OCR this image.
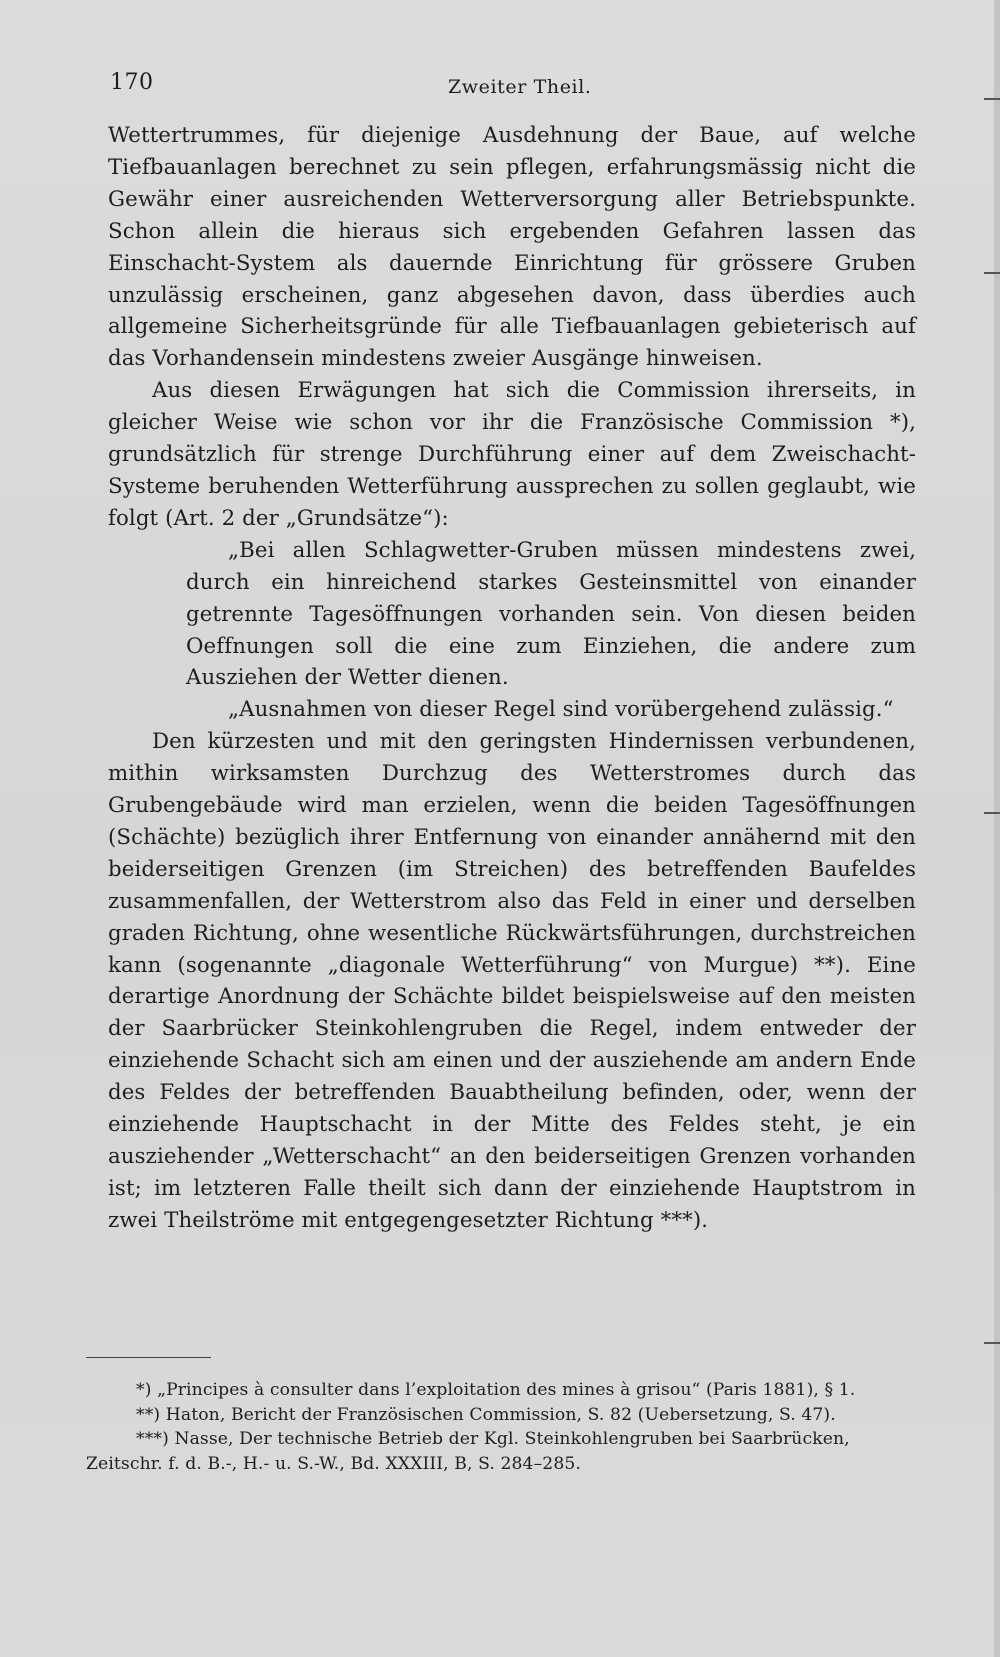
170	Zweiter Theil.

Wettertrummes, für diejenige Ausdehnung der Baue, auf welche Tiefbauanlagen berechnet zu sein pflegen, erfahrungsmässig nicht die Gewähr einer ausreichenden Wetterversorgung aller Betriebspunkte. Schon allein die hieraus sich ergebenden Gefahren lassen das Einschacht-System als dauernde Einrichtung für grössere Gruben unzulässig erscheinen, ganz abgesehen davon, dass überdies auch allgemeine Sicherheitsgründe für alle Tiefbauanlagen gebieterisch auf das Vorhandensein mindestens zweier Ausgänge hinweisen.

Aus diesen Erwägungen hat sich die Commission ihrerseits, in gleicher Weise wie schon vor ihr die Französische Commission *), grundsätzlich für strenge Durchführung einer auf dem Zweischacht-Systeme beruhenden Wetterführung aussprechen zu sollen geglaubt, wie folgt (Art. 2 der „Grundsätze“):

„Bei allen Schlagwetter-Gruben müssen mindestens zwei, durch ein hinreichend starkes Gesteinsmittel von einander getrennte Tagesöffnungen vorhanden sein. Von diesen beiden Oeffnungen soll die eine zum Einziehen, die andere zum Ausziehen der Wetter dienen.

„Ausnahmen von dieser Regel sind vorübergehend zulässig.“

Den kürzesten und mit den geringsten Hindernissen verbundenen, mithin wirksamsten Durchzug des Wetterstromes durch das Grubengebäude wird man erzielen, wenn die beiden Tagesöffnungen (Schächte) bezüglich ihrer Entfernung von einander annähernd mit den beiderseitigen Grenzen (im Streichen) des betreffenden Baufeldes zusammenfallen, der Wetterstrom also das Feld in einer und derselben graden Richtung, ohne wesentliche Rückwärtsführungen, durchstreichen kann (sogenannte „diagonale Wetterführung“ von Murgue) **). Eine derartige Anordnung der Schächte bildet beispielsweise auf den meisten der Saarbrücker Steinkohlengruben die Regel, indem entweder der einziehende Schacht sich am einen und der ausziehende am andern Ende des Feldes der betreffenden Bauabtheilung befinden, oder, wenn der einziehende Hauptschacht in der Mitte des Feldes steht, je ein ausziehender „Wetterschacht“ an den beiderseitigen Grenzen vorhanden ist; im letzteren Falle theilt sich dann der einziehende Hauptstrom in zwei Theilströme mit entgegengesetzter Richtung ***).

*) „Principes à consulter dans l’exploitation des mines à grisou“ (Paris 1881), § 1.

**) Haton, Bericht der Französischen Commission, S. 82 (Uebersetzung, S. 47).

***) Nasse, Der technische Betrieb der Kgl. Steinkohlengruben bei Saarbrücken,

Zeitschr. f. d. B.-, H.- u. S.-W., Bd. XXXIII, B, S. 284–285.
